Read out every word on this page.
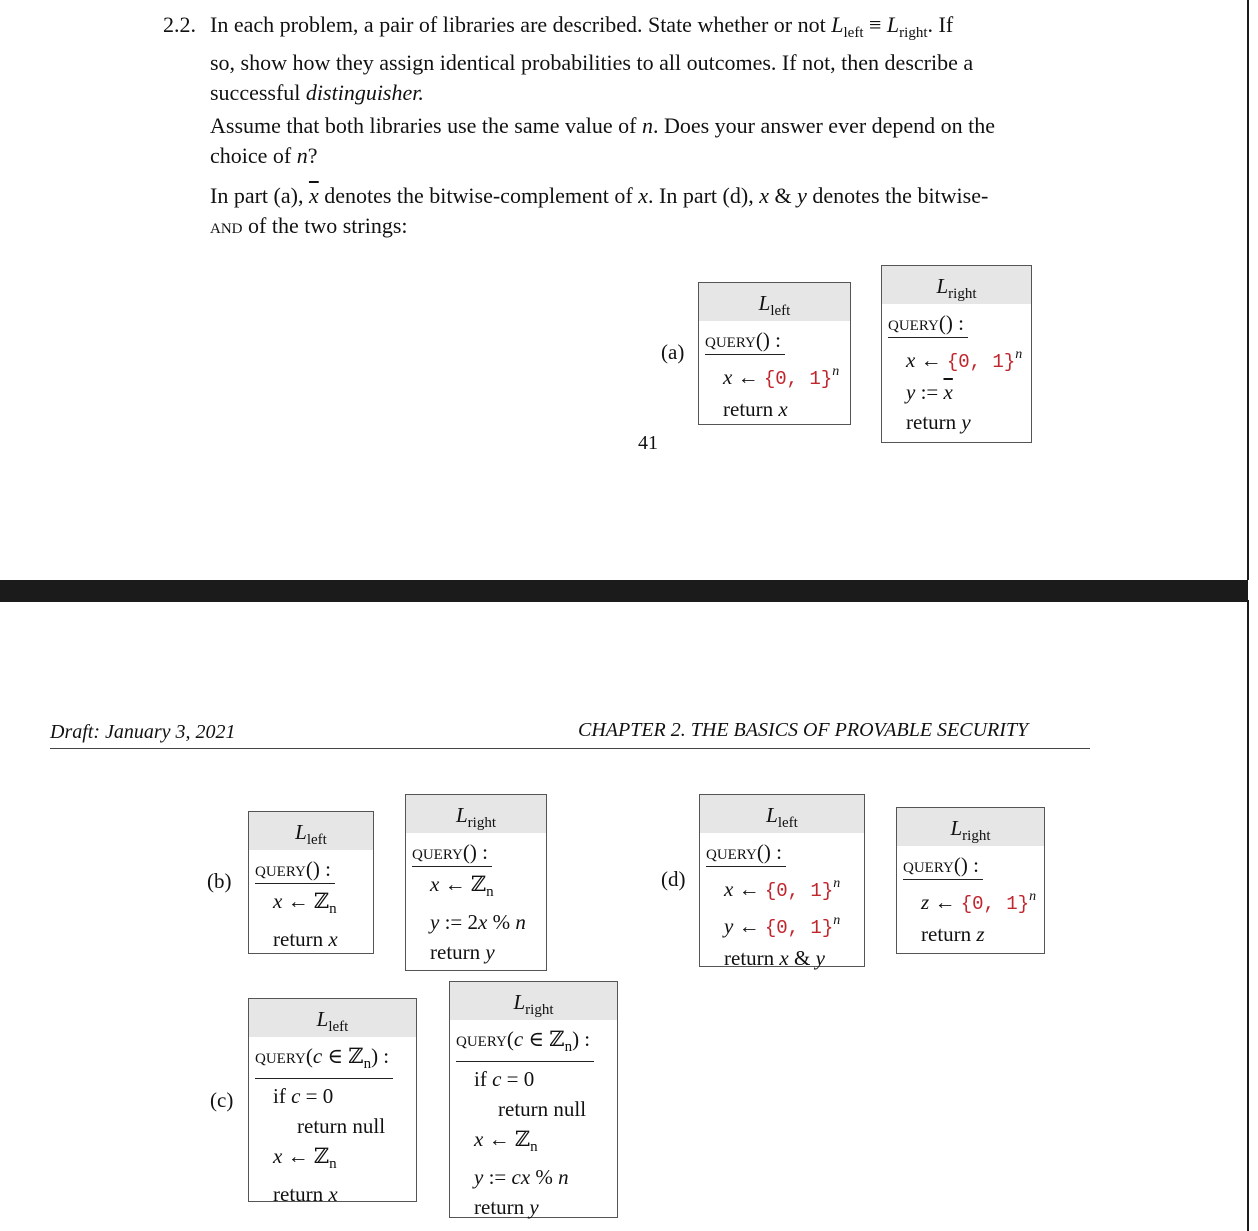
2.2. In each problem, a pair of libraries are described. State whether or not $L_{left} \equiv L_{right}$. If
so, show how they assign identical probabilities to all outcomes. If not, then describe a
successful distinguisher.
Assume that both libraries use the same value of n. Does your answer ever depend on the
choice of n?
In part (a), $\overline{x}$ denotes the bitwise-complement of x. In part (d), x & y denotes the bitwise-
and of the two strings:
(a)
$L_{left}$
query() :
x ← {0, 1}$^n$
return x
$L_{right}$
query() :
x ← {0, 1}$^n$
y := $\overline{x}$
return y
41
Draft: January 3, 2021	CHAPTER 2. THE BASICS OF PROVABLE SECURITY
(b)
$L_{left}$
query() :
x ← ℤ$_n$
return x
$L_{right}$
query() :
x ← ℤ$_n$
y := 2x % n
return y
(d)
$L_{left}$
query() :
x ← {0, 1}$^n$
y ← {0, 1}$^n$
return x & y
$L_{right}$
query() :
z ← {0, 1}$^n$
return z
(c)
$L_{left}$
query(c ∈ ℤ$_n$) :
if c = 0
return null
x ← ℤ$_n$
return x
$L_{right}$
query(c ∈ ℤ$_n$) :
if c = 0
return null
x ← ℤ$_n$
y := cx % n
return y
